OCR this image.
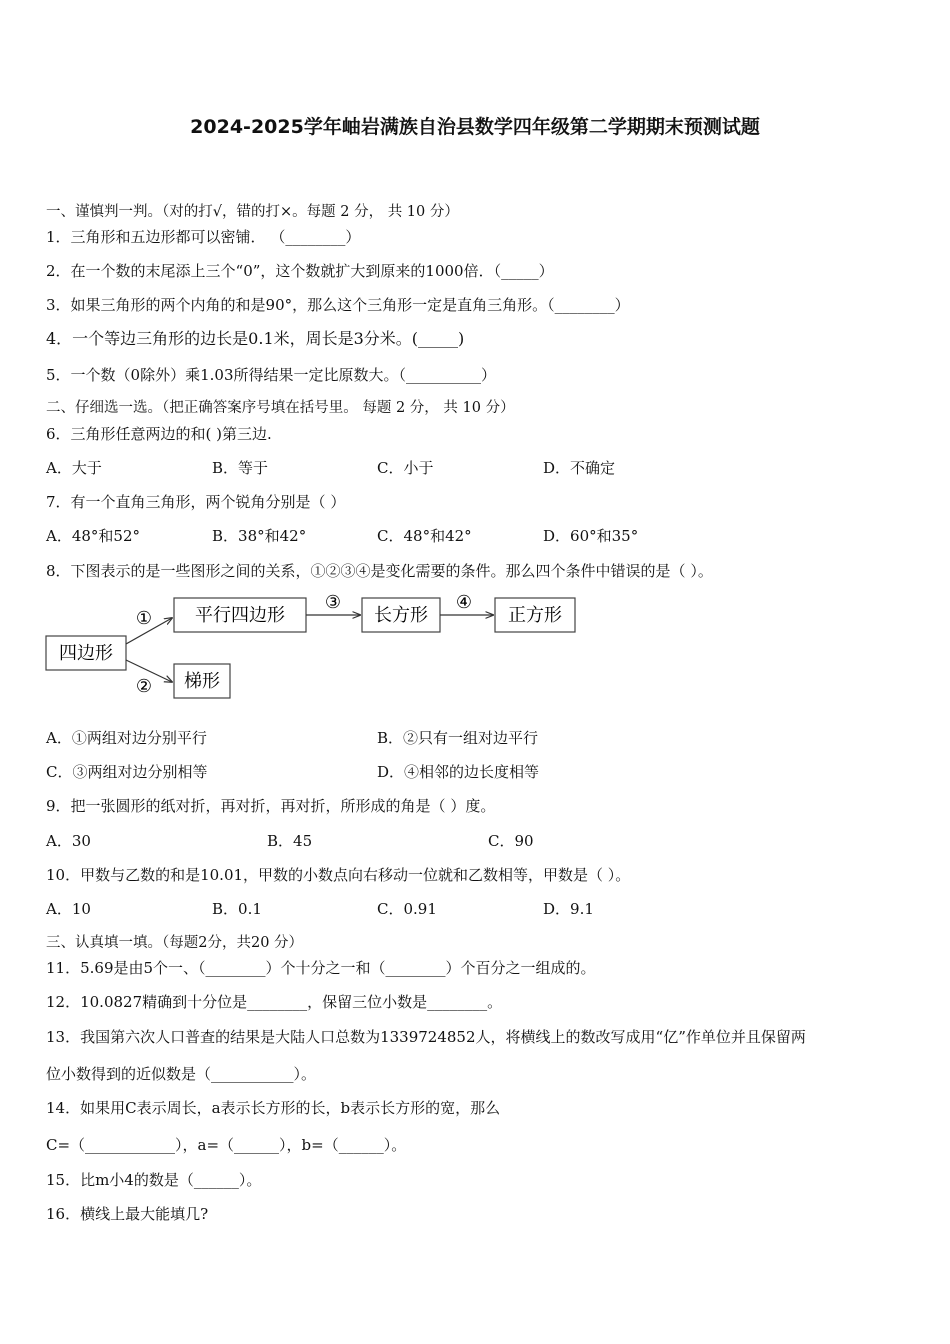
2024-2025学年岫岩满族自治县数学四年级第二学期期末预测试题
一、谨慎判一判。（对的打√，错的打×。每题 2 分， 共 10 分）
1．三角形和五边形都可以密铺． （________）
2．在一个数的末尾添上三个“0”，这个数就扩大到原来的1000倍．（_____）
3．如果三角形的两个内角的和是90°，那么这个三角形一定是直角三角形。（________）
4．一个等边三角形的边长是0.1米，周长是3分米。(_____)
5．一个数（0除外）乘1.03所得结果一定比原数大。（__________）
二、仔细选一选。（把正确答案序号填在括号里。 每题 2 分， 共 10 分）
6．三角形任意两边的和( )第三边.
A．大于	B．等于	C．小于	D．不确定
7．有一个直角三角形，两个锐角分别是（ ）
A．48°和52°	B．38°和42°	C．48°和42°	D．60°和35°
8．下图表示的是一些图形之间的关系，①②③④是变化需要的条件。那么四个条件中错误的是（ ）。
四边形
平行四边形	长方形	正方形
梯形
①
②
③	④
A．①两组对边分别平行	B．②只有一组对边平行
C．③两组对边分别相等	D．④相邻的边长度相等
9．把一张圆形的纸对折，再对折，再对折，所形成的角是（ ）度。
A．30	B．45	C．90
10．甲数与乙数的和是10.01，甲数的小数点向右移动一位就和乙数相等，甲数是（ ）。
A．10	B．0.1	C．0.91	D．9.1
三、认真填一填。（每题2分，共20 分）
11．5.69是由5个一、（________）个十分之一和（________）个百分之一组成的。
12．10.0827精确到十分位是________，保留三位小数是________。
13．我国第六次人口普查的结果是大陆人口总数为1339724852人，将横线上的数改写成用“亿”作单位并且保留两
位小数得到的近似数是（___________）。
14．如果用C表示周长，a表示长方形的长，b表示长方形的宽，那么
C=（____________），a=（______），b=（______）。
15．比m小4的数是（______）。
16．横线上最大能填几?
